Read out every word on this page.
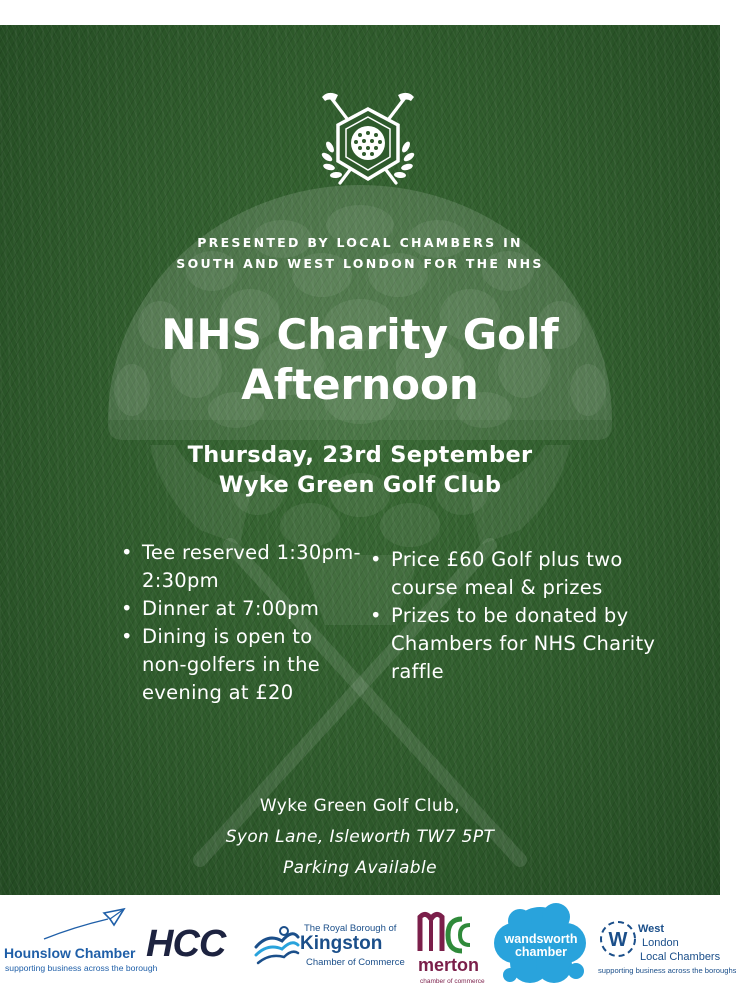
PRESENTED BY LOCAL CHAMBERS IN
SOUTH AND WEST LONDON FOR THE NHS
NHS Charity Golf
Afternoon
Thursday, 23rd September
Wyke Green Golf Club
• Tee reserved 1:30pm-2:30pm
• Dinner at 7:00pm
• Dining is open to non-golfers in the evening at £20
• Price £60 Golf plus two course meal & prizes
• Prizes to be donated by Chambers for NHS Charity raffle
Wyke Green Golf Club,
Syon Lane, Isleworth TW7 5PT
Parking Available
Hounslow Chamber
supporting business across the borough
HCC	The Royal Borough of
Kingston
Chamber of Commerce merton
chamber of commerce
wandsworth chamber
W West
London
Local Chambers
supporting business across the boroughs
